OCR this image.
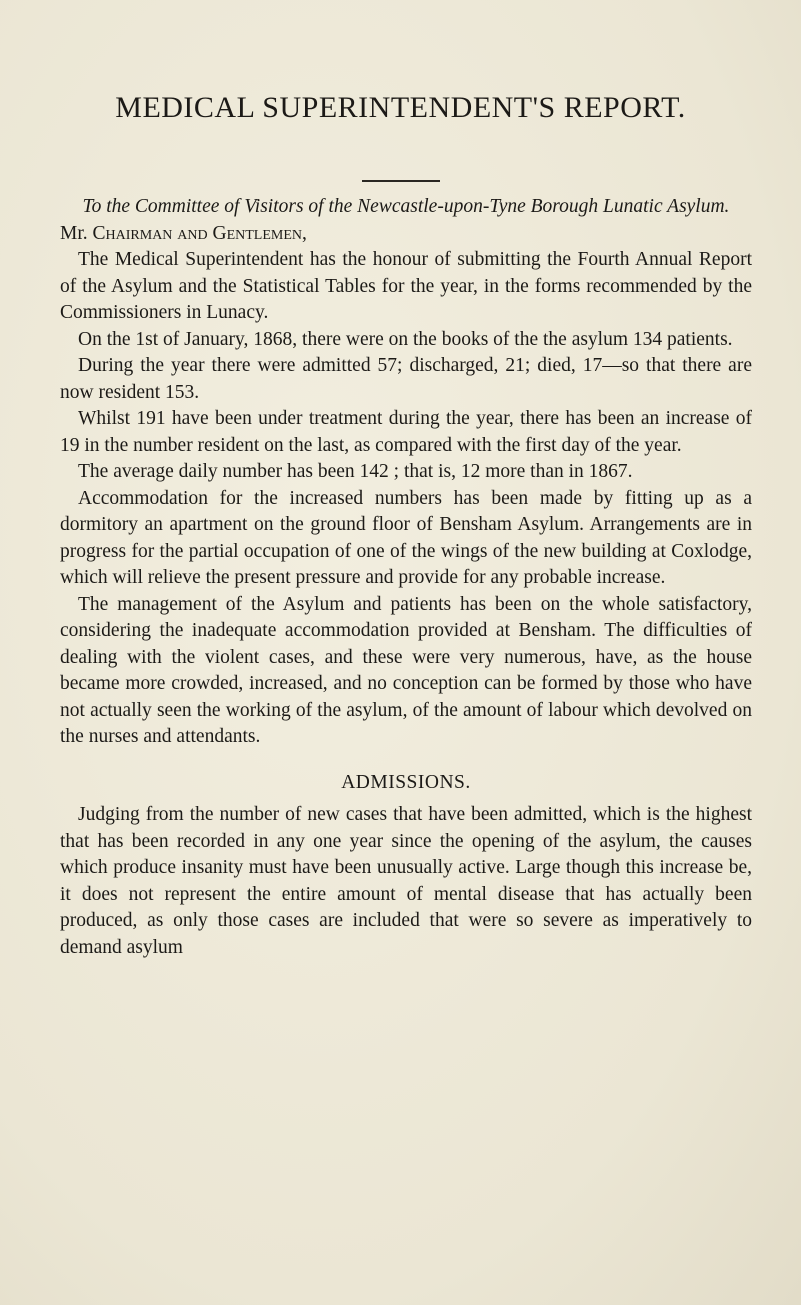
MEDICAL SUPERINTENDENT'S REPORT.

To the Committee of Visitors of the Newcastle-upon-Tyne Borough Lunatic Asylum.

Mr. Chairman and Gentlemen,

The Medical Superintendent has the honour of submitting the Fourth Annual Report of the Asylum and the Statistical Tables for the year, in the forms recommended by the Commissioners in Lunacy.

On the 1st of January, 1868, there were on the books of the the asylum 134 patients.

During the year there were admitted 57; discharged, 21; died, 17—so that there are now resident 153.

Whilst 191 have been under treatment during the year, there has been an increase of 19 in the number resident on the last, as compared with the first day of the year.

The average daily number has been 142 ; that is, 12 more than in 1867.

Accommodation for the increased numbers has been made by fitting up as a dormitory an apartment on the ground floor of Bensham Asylum. Arrangements are in progress for the partial occupation of one of the wings of the new building at Coxlodge, which will relieve the present pressure and provide for any probable increase.

The management of the Asylum and patients has been on the whole satisfactory, considering the inadequate accommodation provided at Bensham. The difficulties of dealing with the violent cases, and these were very numerous, have, as the house became more crowded, increased, and no conception can be formed by those who have not actually seen the working of the asylum, of the amount of labour which devolved on the nurses and attendants.

ADMISSIONS.

Judging from the number of new cases that have been admitted, which is the highest that has been recorded in any one year since the opening of the asylum, the causes which produce insanity must have been unusually active. Large though this increase be, it does not represent the entire amount of mental disease that has actually been produced, as only those cases are included that were so severe as imperatively to demand asylum
